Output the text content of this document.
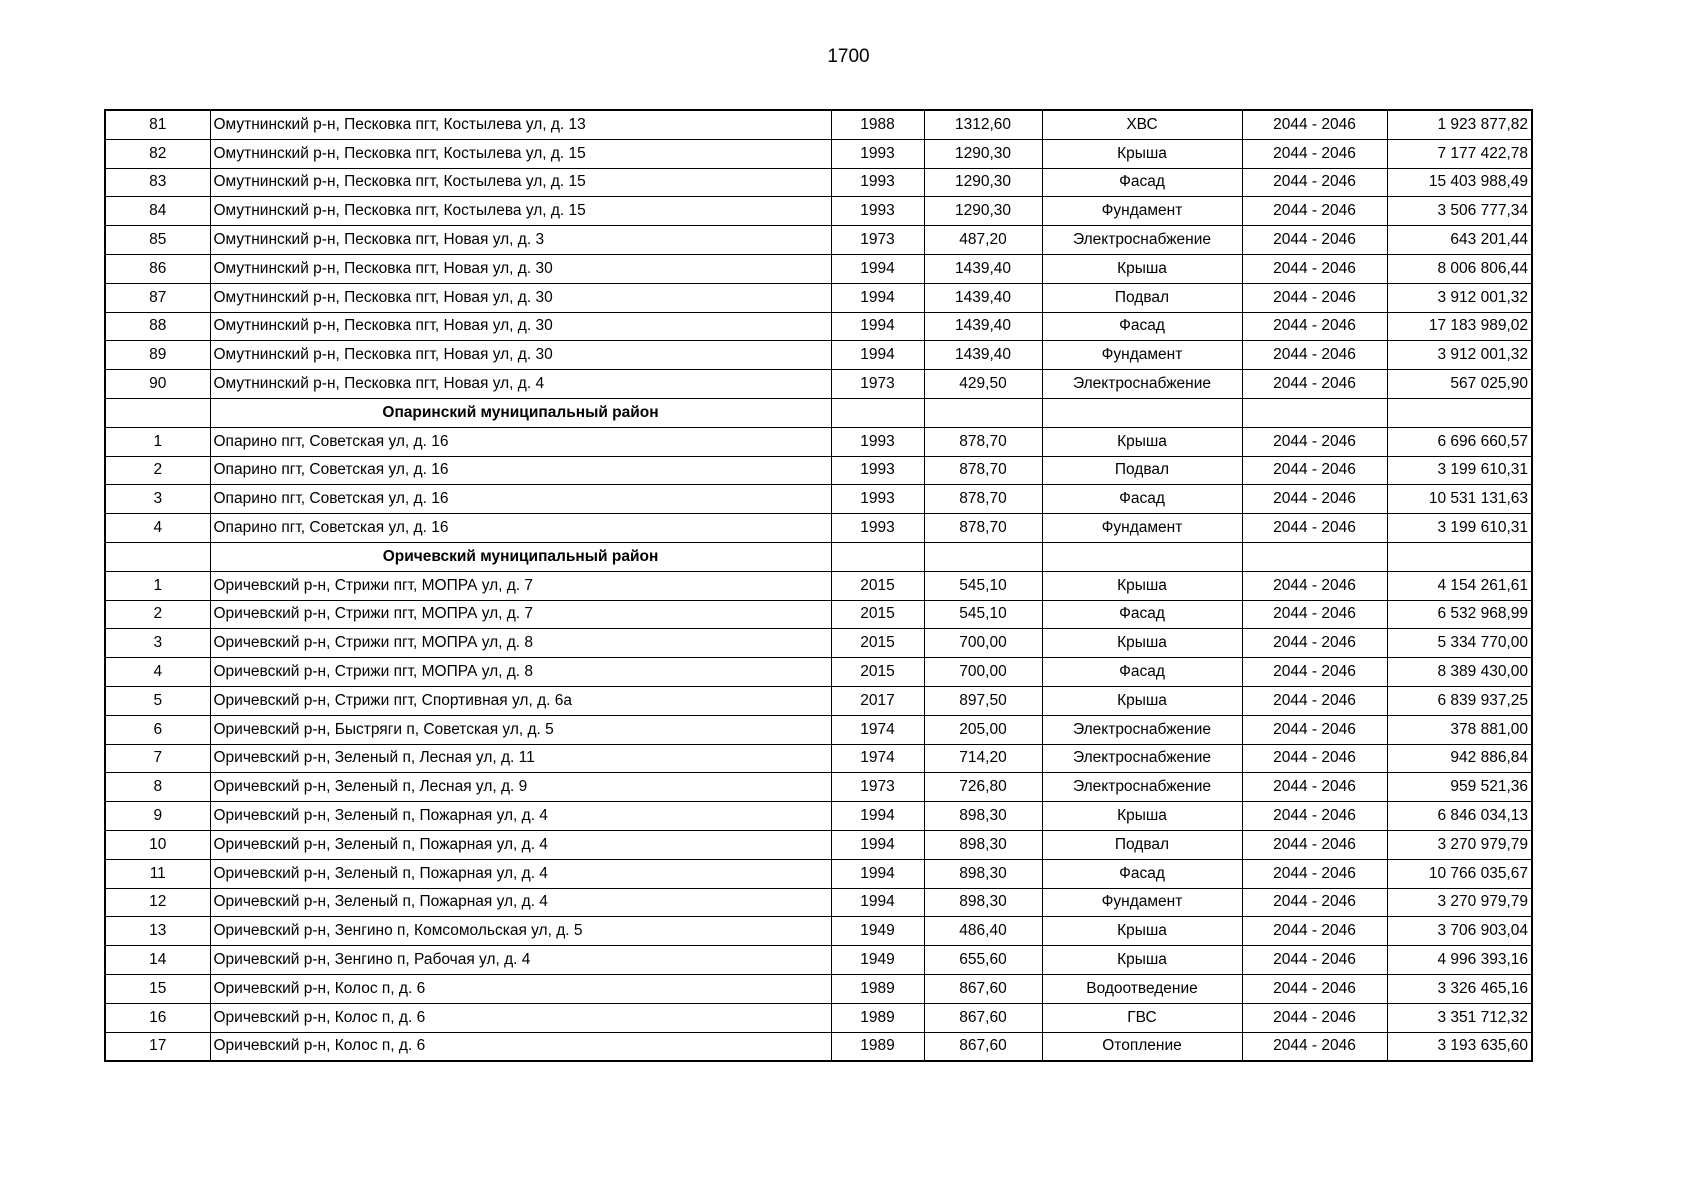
1700
81	Омутнинский р-н, Песковка пгт, Костылева ул, д. 13	1988	1312,60	ХВС	2044 - 2046	1 923 877,82
82	Омутнинский р-н, Песковка пгт, Костылева ул, д. 15	1993	1290,30	Крыша	2044 - 2046	7 177 422,78
83	Омутнинский р-н, Песковка пгт, Костылева ул, д. 15	1993	1290,30	Фасад	2044 - 2046	15 403 988,49
84	Омутнинский р-н, Песковка пгт, Костылева ул, д. 15	1993	1290,30	Фундамент	2044 - 2046	3 506 777,34
85	Омутнинский р-н, Песковка пгт, Новая ул, д. 3	1973	487,20	Электроснабжение	2044 - 2046	643 201,44
86	Омутнинский р-н, Песковка пгт, Новая ул, д. 30	1994	1439,40	Крыша	2044 - 2046	8 006 806,44
87	Омутнинский р-н, Песковка пгт, Новая ул, д. 30	1994	1439,40	Подвал	2044 - 2046	3 912 001,32
88	Омутнинский р-н, Песковка пгт, Новая ул, д. 30	1994	1439,40	Фасад	2044 - 2046	17 183 989,02
89	Омутнинский р-н, Песковка пгт, Новая ул, д. 30	1994	1439,40	Фундамент	2044 - 2046	3 912 001,32
90	Омутнинский р-н, Песковка пгт, Новая ул, д. 4	1973	429,50	Электроснабжение	2044 - 2046	567 025,90
	Опаринский муниципальный район					
1	Опарино пгт, Советская ул, д. 16	1993	878,70	Крыша	2044 - 2046	6 696 660,57
2	Опарино пгт, Советская ул, д. 16	1993	878,70	Подвал	2044 - 2046	3 199 610,31
3	Опарино пгт, Советская ул, д. 16	1993	878,70	Фасад	2044 - 2046	10 531 131,63
4	Опарино пгт, Советская ул, д. 16	1993	878,70	Фундамент	2044 - 2046	3 199 610,31
	Оричевский муниципальный район					
1	Оричевский р-н, Стрижи пгт, МОПРА ул, д. 7	2015	545,10	Крыша	2044 - 2046	4 154 261,61
2	Оричевский р-н, Стрижи пгт, МОПРА ул, д. 7	2015	545,10	Фасад	2044 - 2046	6 532 968,99
3	Оричевский р-н, Стрижи пгт, МОПРА ул, д. 8	2015	700,00	Крыша	2044 - 2046	5 334 770,00
4	Оричевский р-н, Стрижи пгт, МОПРА ул, д. 8	2015	700,00	Фасад	2044 - 2046	8 389 430,00
5	Оричевский р-н, Стрижи пгт, Спортивная ул, д. 6а	2017	897,50	Крыша	2044 - 2046	6 839 937,25
6	Оричевский р-н, Быстряги п, Советская ул, д. 5	1974	205,00	Электроснабжение	2044 - 2046	378 881,00
7	Оричевский р-н, Зеленый п, Лесная ул, д. 11	1974	714,20	Электроснабжение	2044 - 2046	942 886,84
8	Оричевский р-н, Зеленый п, Лесная ул, д. 9	1973	726,80	Электроснабжение	2044 - 2046	959 521,36
9	Оричевский р-н, Зеленый п, Пожарная ул, д. 4	1994	898,30	Крыша	2044 - 2046	6 846 034,13
10	Оричевский р-н, Зеленый п, Пожарная ул, д. 4	1994	898,30	Подвал	2044 - 2046	3 270 979,79
11	Оричевский р-н, Зеленый п, Пожарная ул, д. 4	1994	898,30	Фасад	2044 - 2046	10 766 035,67
12	Оричевский р-н, Зеленый п, Пожарная ул, д. 4	1994	898,30	Фундамент	2044 - 2046	3 270 979,79
13	Оричевский р-н, Зенгино п, Комсомольская ул, д. 5	1949	486,40	Крыша	2044 - 2046	3 706 903,04
14	Оричевский р-н, Зенгино п, Рабочая ул, д. 4	1949	655,60	Крыша	2044 - 2046	4 996 393,16
15	Оричевский р-н, Колос п, д. 6	1989	867,60	Водоотведение	2044 - 2046	3 326 465,16
16	Оричевский р-н, Колос п, д. 6	1989	867,60	ГВС	2044 - 2046	3 351 712,32
17	Оричевский р-н, Колос п, д. 6	1989	867,60	Отопление	2044 - 2046	3 193 635,60
